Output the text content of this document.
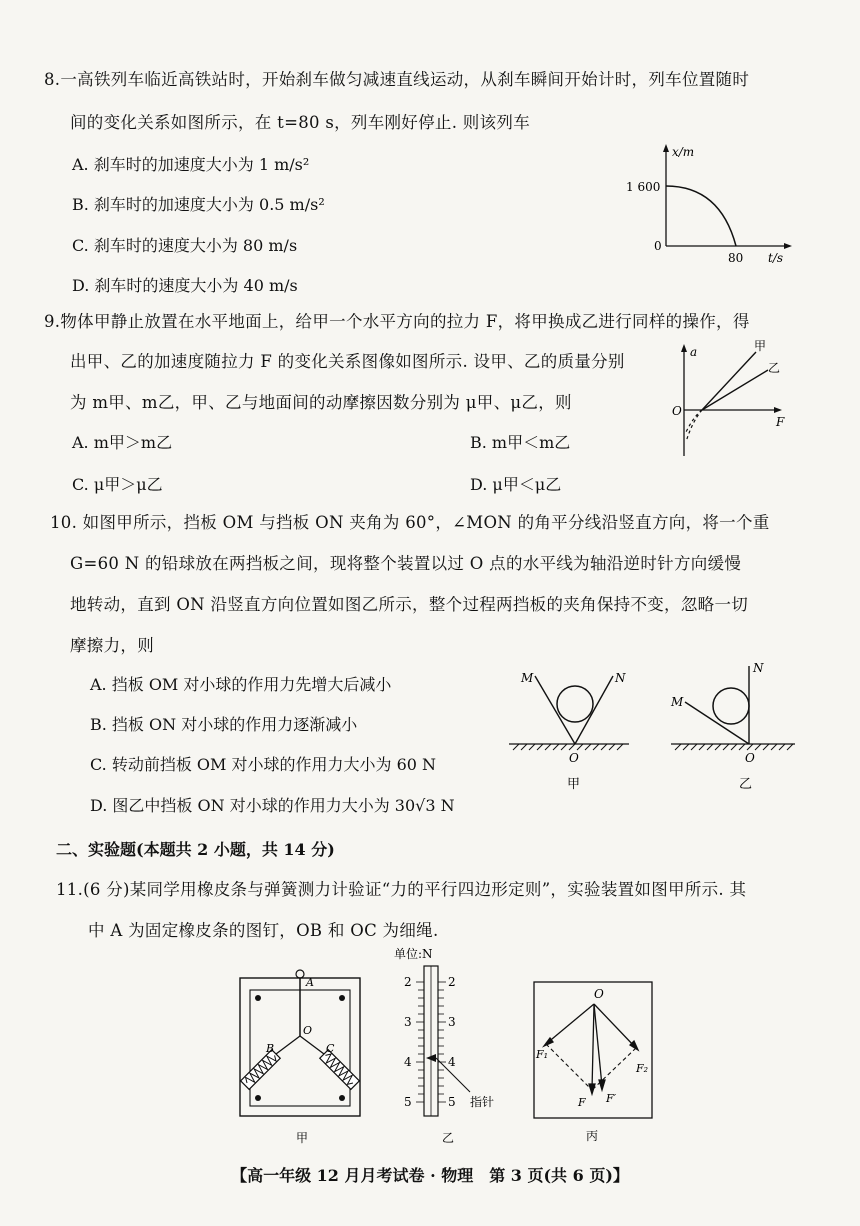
8.一高铁列车临近高铁站时，开始刹车做匀减速直线运动，从刹车瞬间开始计时，列车位置随时
间的变化关系如图所示，在 t=80 s，列车刚好停止. 则该列车
A. 刹车时的加速度大小为 1 m/s²
B. 刹车时的加速度大小为 0.5 m/s²
C. 刹车时的速度大小为 80 m/s
D. 刹车时的速度大小为 40 m/s
x/m
1 600
0
80 t/s
9.物体甲静止放置在水平地面上，给甲一个水平方向的拉力 F，将甲换成乙进行同样的操作，得
出甲、乙的加速度随拉力 F 的变化关系图像如图所示. 设甲、乙的质量分别
为 m甲、m乙，甲、乙与地面间的动摩擦因数分别为 μ甲、μ乙，则
A. m甲＞m乙	B. m甲＜m乙
C. μ甲＞μ乙	D. μ甲＜μ乙
a
O
F
甲
乙
10. 如图甲所示，挡板 OM 与挡板 ON 夹角为 60°，∠MON 的角平分线沿竖直方向，将一个重
G=60 N 的铅球放在两挡板之间，现将整个装置以过 O 点的水平线为轴沿逆时针方向缓慢
地转动，直到 ON 沿竖直方向位置如图乙所示，整个过程两挡板的夹角保持不变，忽略一切
摩擦力，则
A. 挡板 OM 对小球的作用力先增大后减小
B. 挡板 ON 对小球的作用力逐渐减小
C. 转动前挡板 OM 对小球的作用力大小为 60 N
D. 图乙中挡板 ON 对小球的作用力大小为 30√3 N
M	N
O
甲
M
N
O
乙
二、实验题(本题共 2 小题，共 14 分)
11.(6 分)某同学用橡皮条与弹簧测力计验证“力的平行四边形定则”，实验装置如图甲所示. 其
中 A 为固定橡皮条的图钉，OB 和 OC 为细绳.
A
O
B	C
甲
单位:N
2	2
3	3
4	4
5	5 指针
乙
O
F₁
F₂
F F′
丙
【高一年级 12 月月考试卷 · 物理　第 3 页(共 6 页)】
